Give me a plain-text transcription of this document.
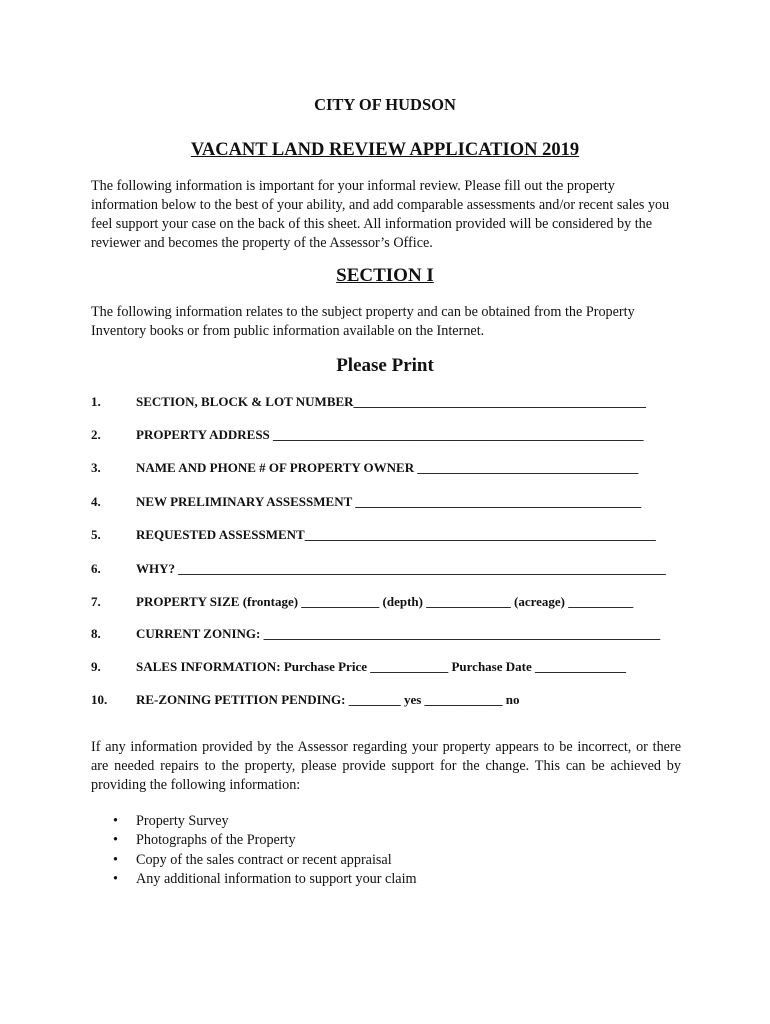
CITY OF HUDSON
VACANT LAND REVIEW APPLICATION 2019
The following information is important for your informal review. Please fill out the property information below to the best of your ability, and add comparable assessments and/or recent sales you feel support your case on the back of this sheet. All information provided will be considered by the reviewer and becomes the property of the Assessor’s Office.
SECTION I
The following information relates to the subject property and can be obtained from the Property Inventory books or from public information available on the Internet.
Please Print
1.	SECTION, BLOCK & LOT NUMBER_____________________________________________
2.	PROPERTY ADDRESS _________________________________________________________
3.	NAME AND PHONE # OF PROPERTY OWNER __________________________________
4.	NEW PRELIMINARY ASSESSMENT ____________________________________________
5.	REQUESTED ASSESSMENT______________________________________________________
6.	WHY? ___________________________________________________________________________
7.	PROPERTY SIZE (frontage) ____________ (depth) _____________ (acreage) __________
8.	CURRENT ZONING: _____________________________________________________________
9.	SALES INFORMATION: Purchase Price ____________ Purchase Date ______________
10. RE-ZONING PETITION PENDING: ________ yes ____________ no
If any information provided by the Assessor regarding your property appears to be incorrect, or there are needed repairs to the property, please provide support for the change. This can be achieved by providing the following information:
• Property Survey
• Photographs of the Property
• Copy of the sales contract or recent appraisal
• Any additional information to support your claim
